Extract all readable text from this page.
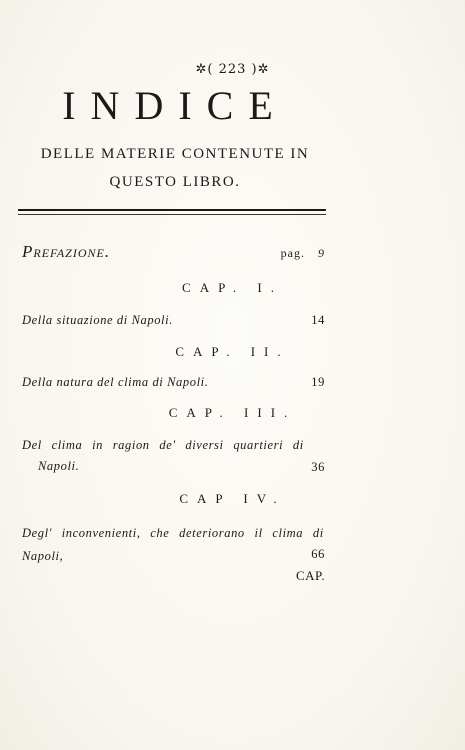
✲( 223 )✲
INDICE
DELLE MATERIE CONTENUTE IN
QUESTO LIBRO.
Prefazione.	pag. 9
CAP. I.
Della situazione di Napoli.	14
CAP. II.
Della natura del clima di Napoli.	19
CAP. III.
Del clima in ragion de' diversi quartieri di
Napoli.	36
CAP IV.
Degl' inconvenienti, che deteriorano il clima di
Napoli,	66
CAP.
